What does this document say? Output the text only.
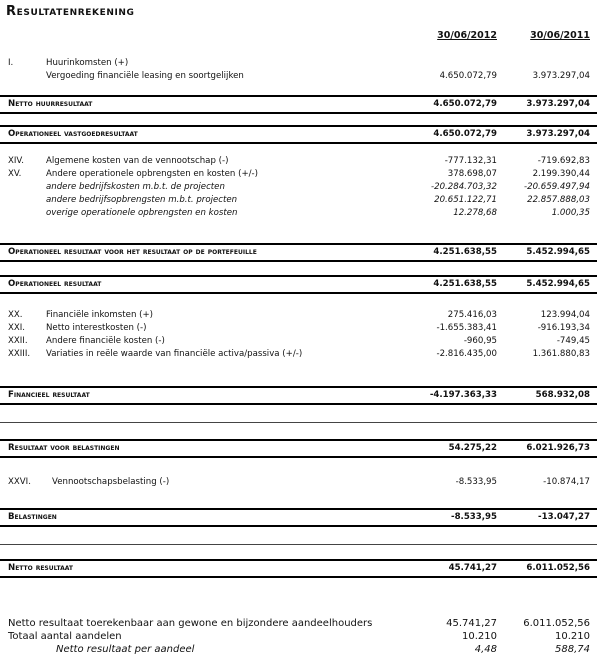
Resultatenrekening
30/06/2012	30/06/2011
I.	Huurinkomsten (+)
Vergoeding financiële leasing en soortgelijken	4.650.072,79	3.973.297,04
Netto huurresultaat	4.650.072,79	3.973.297,04
Operationeel vastgoedresultaat	4.650.072,79	3.973.297,04
XIV.	Algemene kosten van de vennootschap (-)	-777.132,31	-719.692,83
XV.	Andere operationele opbrengsten en kosten (+/-)	378.698,07	2.199.390,44
andere bedrijfskosten m.b.t. de projecten	-20.284.703,32	-20.659.497,94
andere bedrijfsopbrengsten m.b.t. projecten	20.651.122,71	22.857.888,03
overige operationele opbrengsten en kosten	12.278,68	1.000,35
Operationeel resultaat voor het resultaat op de portefeuille	4.251.638,55	5.452.994,65
Operationeel resultaat	4.251.638,55	5.452.994,65
XX.	Financiële inkomsten (+)	275.416,03	123.994,04
XXI. Netto interestkosten (-)	-1.655.383,41	-916.193,34
XXII. Andere financiële kosten (-)	-960,95	-749,45
XXIII. Variaties in reële waarde van financiële activa/passiva (+/-)	-2.816.435,00	1.361.880,83
Financieel resultaat	-4.197.363,33	568.932,08
Resultaat voor belastingen	54.275,22	6.021.926,73
XXVI. Vennootschapsbelasting (-)	-8.533,95	-10.874,17
Belastingen	-8.533,95	-13.047,27
Netto resultaat	45.741,27	6.011.052,56
Netto resultaat toerekenbaar aan gewone en bijzondere aandeelhouders	45.741,27	6.011.052,56
Totaal aantal aandelen	10.210	10.210
Netto resultaat per aandeel	4,48	588,74
